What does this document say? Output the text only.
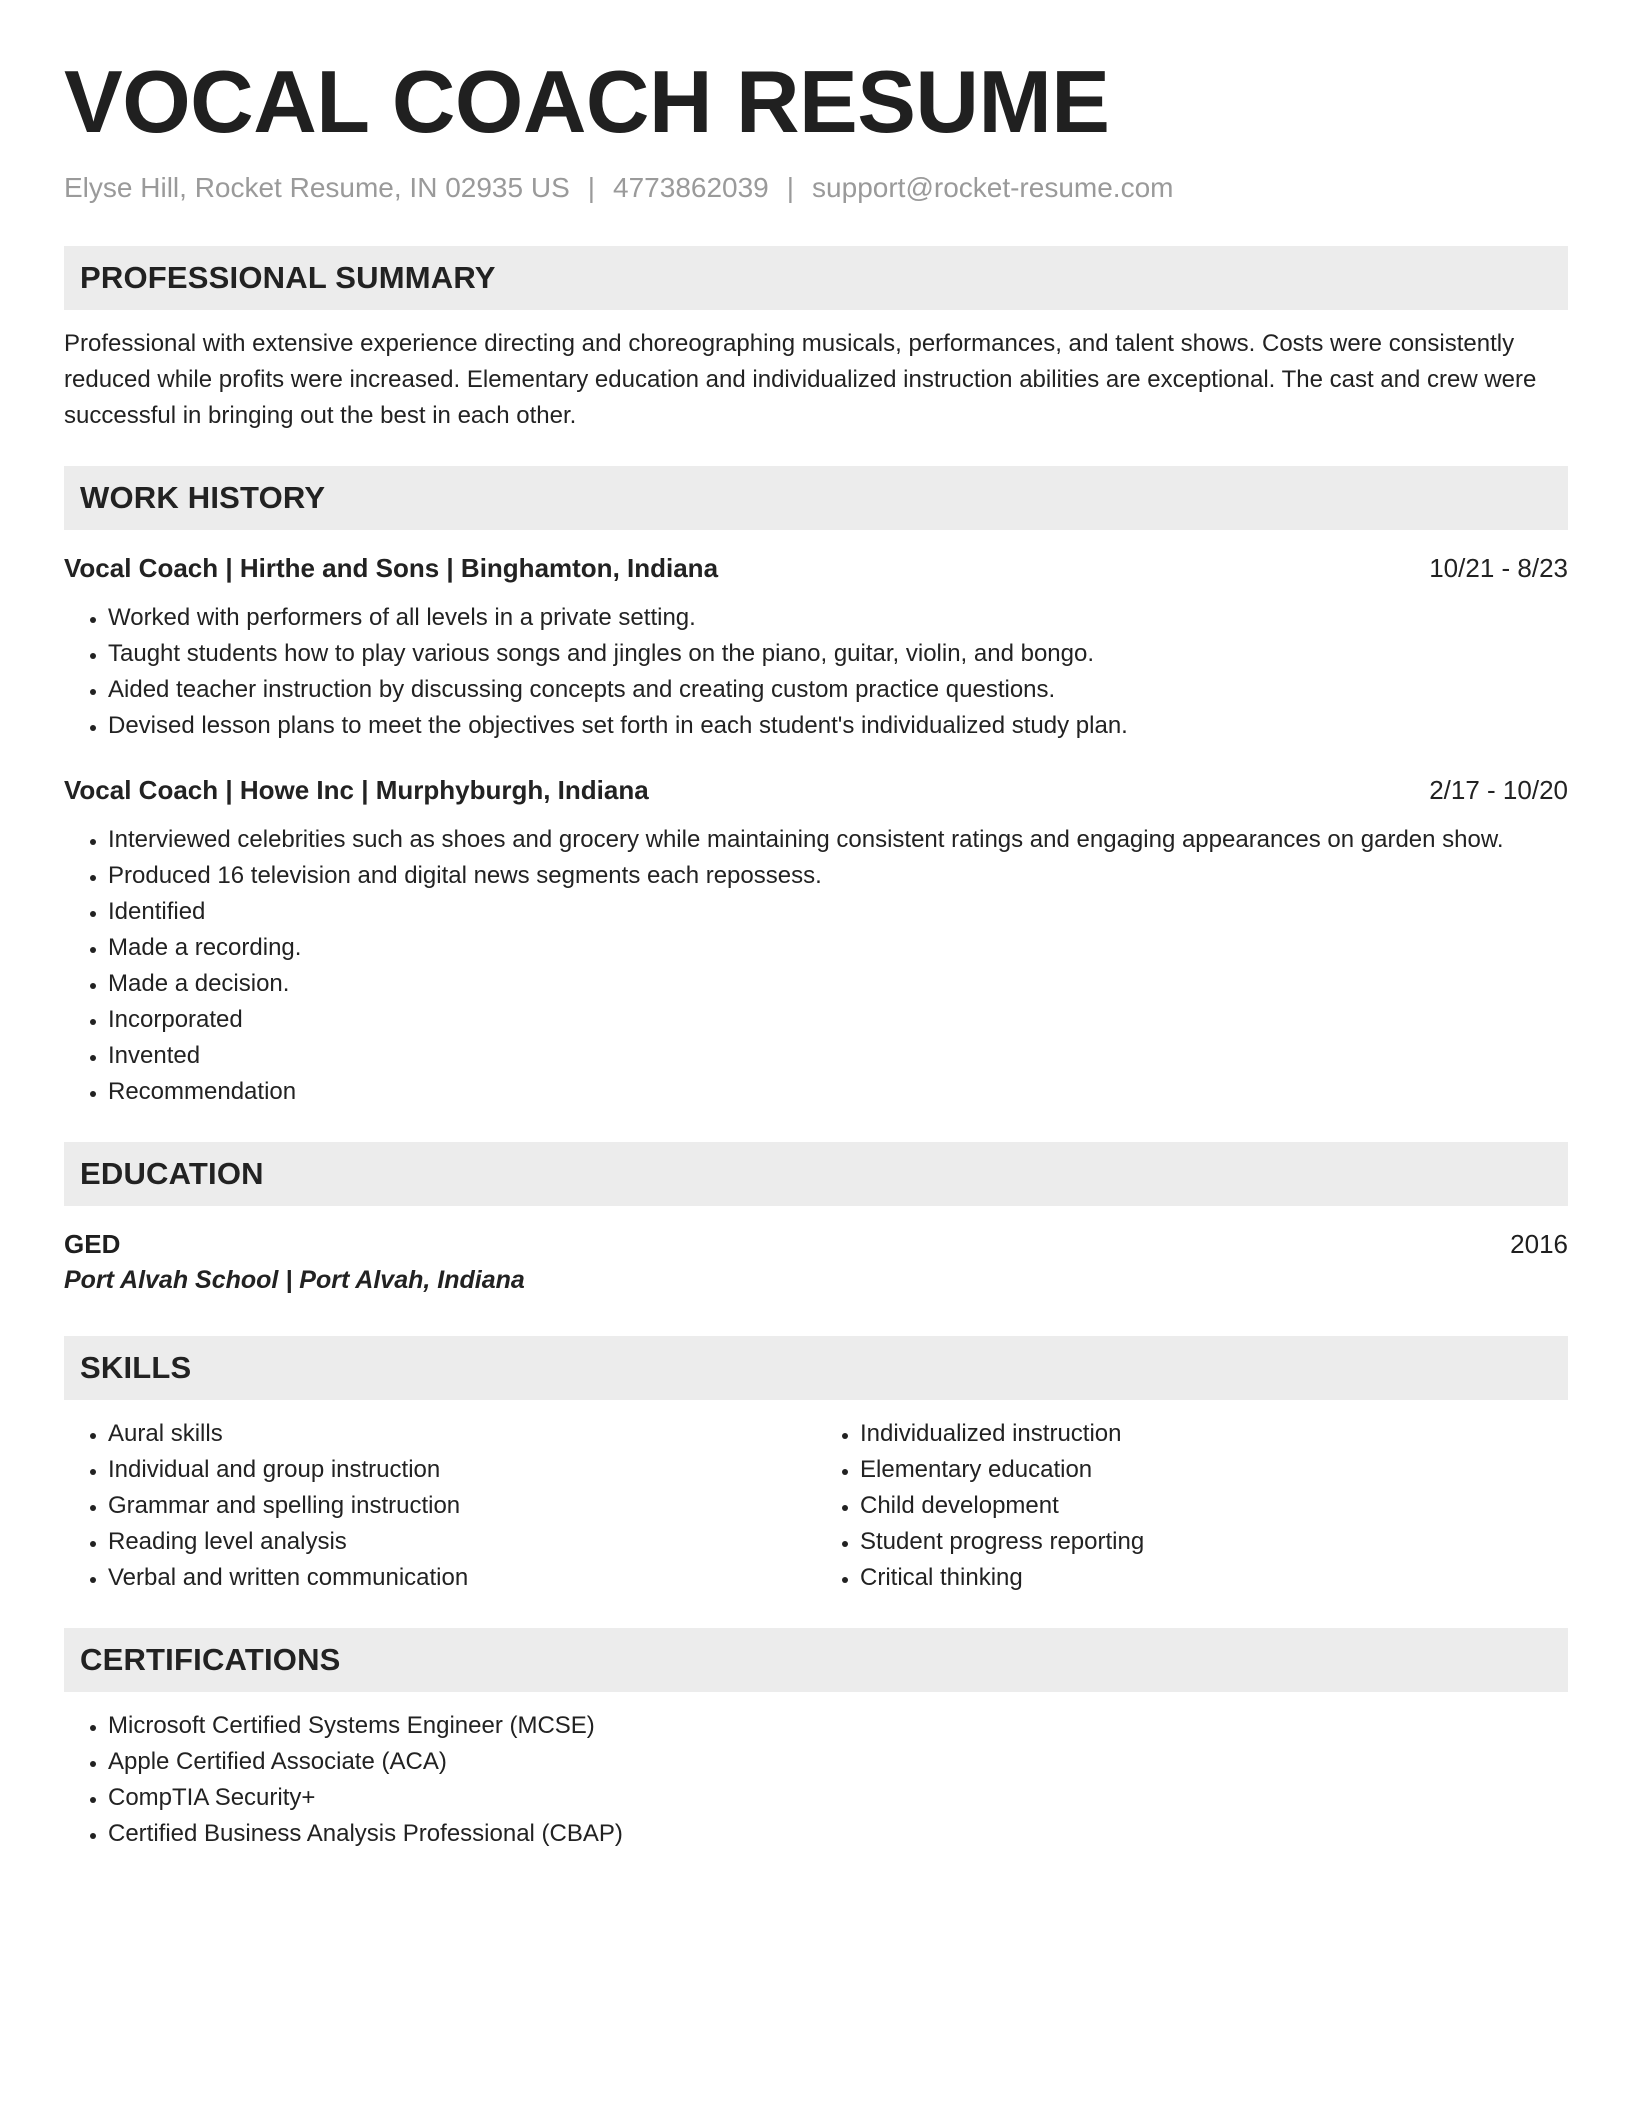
VOCAL COACH RESUME
Elyse Hill, Rocket Resume, IN 02935 US | 4773862039 | support@rocket-resume.com
PROFESSIONAL SUMMARY

Professional with extensive experience directing and choreographing musicals, performances, and talent shows. Costs were consistently reduced while profits were increased. Elementary education and individualized instruction abilities are exceptional. The cast and crew were successful in bringing out the best in each other.

WORK HISTORY
Vocal Coach | Hirthe and Sons | Binghamton, Indiana	10/21 - 8/23
• Worked with performers of all levels in a private setting.
• Taught students how to play various songs and jingles on the piano, guitar, violin, and bongo.
• Aided teacher instruction by discussing concepts and creating custom practice questions.
• Devised lesson plans to meet the objectives set forth in each student's individualized study plan.
Vocal Coach | Howe Inc | Murphyburgh, Indiana	2/17 - 10/20
• Interviewed celebrities such as shoes and grocery while maintaining consistent ratings and engaging appearances on garden show.
• Produced 16 television and digital news segments each repossess.
• Identified
• Made a recording.
• Made a decision.
• Incorporated
• Invented
• Recommendation
EDUCATION
GED	2016
Port Alvah School | Port Alvah, Indiana
SKILLS
• Aural skills
• Individual and group instruction
• Grammar and spelling instruction
• Reading level analysis
• Verbal and written communication
• Individualized instruction
• Elementary education
• Child development
• Student progress reporting
• Critical thinking
CERTIFICATIONS
• Microsoft Certified Systems Engineer (MCSE)
• Apple Certified Associate (ACA)
• CompTIA Security+
• Certified Business Analysis Professional (CBAP)
